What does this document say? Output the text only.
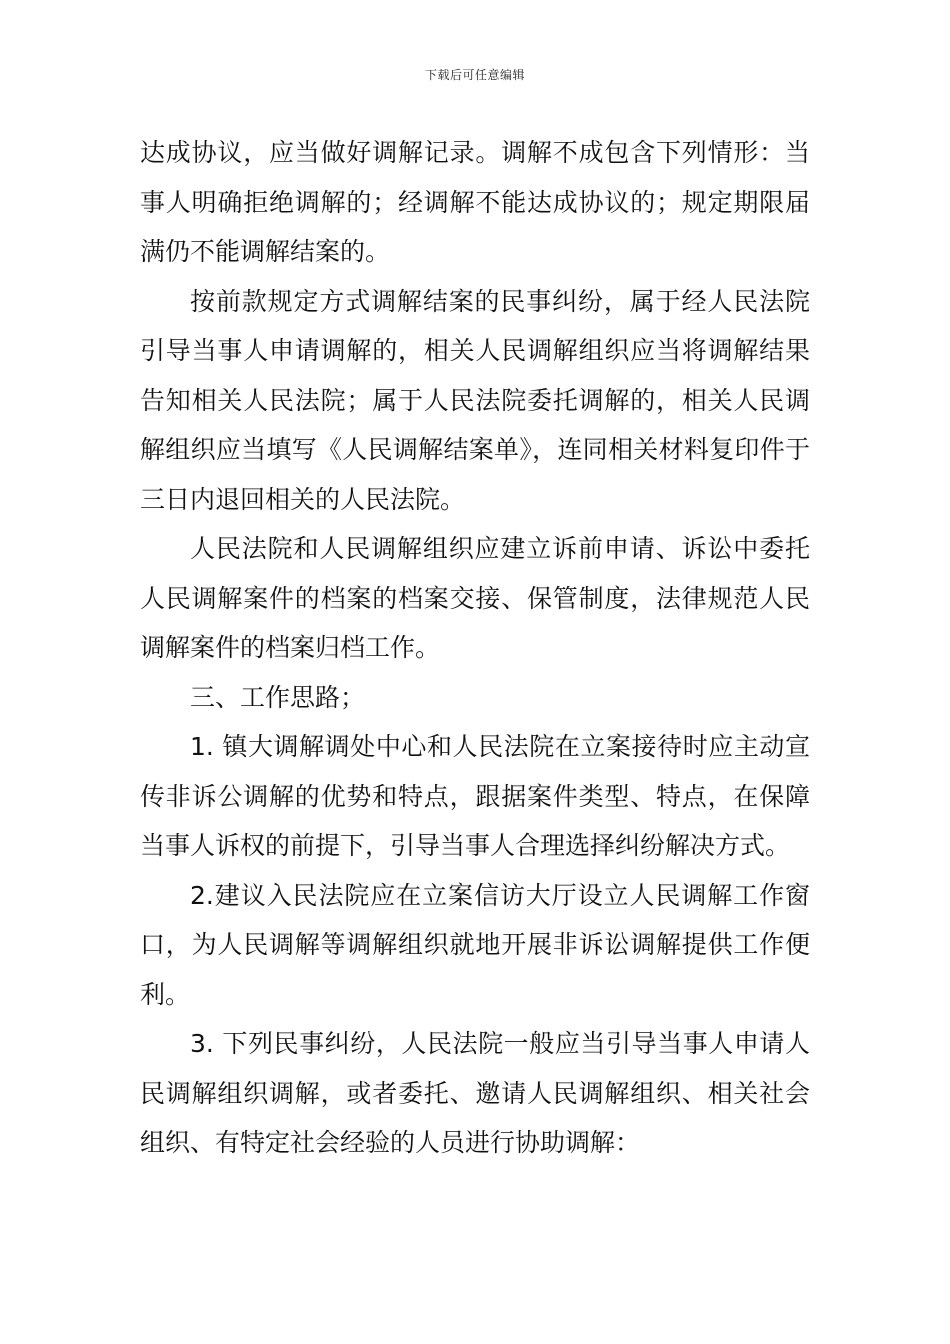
下载后可任意编辑

达成协议，应当做好调解记录。调解不成包含下列情形：当事人明确拒绝调解的；经调解不能达成协议的；规定期限届满仍不能调解结案的。

按前款规定方式调解结案的民事纠纷，属于经人民法院引导当事人申请调解的，相关人民调解组织应当将调解结果告知相关人民法院；属于人民法院委托调解的，相关人民调解组织应当填写《人民调解结案单》，连同相关材料复印件于三日内退回相关的人民法院。

人民法院和人民调解组织应建立诉前申请、诉讼中委托人民调解案件的档案的档案交接、保管制度，法律规范人民调解案件的档案归档工作。

三、工作思路；

1. 镇大调解调处中心和人民法院在立案接待时应主动宣传非诉公调解的优势和特点，跟据案件类型、特点，在保障当事人诉权的前提下，引导当事人合理选择纠纷解决方式。

2.建议入民法院应在立案信访大厅设立人民调解工作窗口，为人民调解等调解组织就地开展非诉讼调解提供工作便利。

3. 下列民事纠纷，人民法院一般应当引导当事人申请人民调解组织调解，或者委托、邀请人民调解组织、相关社会组织、有特定社会经验的人员进行协助调解：
